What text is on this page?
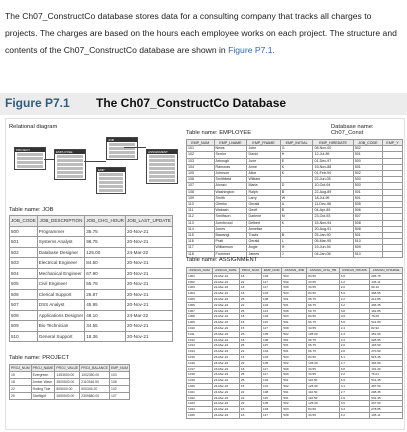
The Ch07_ConstructCo database stores data for a consulting company that tracks all charges to projects. The charges are based on the hours each employee works on each project. The structure and contents of the Ch07_ConstructCo database are shown in Figure P7.1.
Figure P7.1 The Ch07_ConstructCo Database
Relational diagram	Database name: Ch07_Const
PROJECT	EMPLOYEE
JOB
ASSIGNMENT
EMP
Table name: JOB
JOB_CODE	JOB_DESCRIPTION	JOB_CHG_HOUR	JOB_LAST_UPDATE
500	Programmer	35.75	20-Nov-21
501	Systems Analyst	96.75	20-Nov-21
502	Database Designer	125.00	24-Mar-22
503	Electrical Engineer	84.50	20-Nov-21
504	Mechanical Engineer	67.90	20-Nov-21
505	Civil Engineer	55.78	20-Nov-21
506	Clerical Support	26.87	20-Nov-21
507	DSS Analyst	45.95	20-Nov-21
508	Applications Designer	48.10	24-Mar-22
509	Bio Technician	34.55	20-Nov-21
510	General Support	18.36	20-Nov-21
Table name: PROJECT
PROJ_NUM	PROJ_NAME	PROJ_VALUE	PROJ_BALANCE	EMP_NUM
15	Evergreen	1453500.00	1002350.00	103
18	Amber Wave	3500500.00	2110346.50	108
22	Rolling Tide	805000.00	500345.20	102
25	Starflight	2650500.00	2309880.00	107
Table name: EMPLOYEE
EMP_NUM	EMP_LNAME	EMP_FNAME	EMP_INITIAL	EMP_HIREDATE	JOB_CODE	EMP_Y
101	News	John	G	08-Nov-00	502	
102	Senior	David	H	12-Jul-89	501	
103	Arbough	June	E	01-Dec-97	500	
104	Ramoras	Anne	K	15-Nov-88	501	
105	Johnson	Alice	K	01-Feb-94	502	
106	Smithfield	William		22-Jun-05	500	
107	Alonzo	Maria	D	10-Oct-94	500	
108	Washington	Ralph	B	22-Aug-89	501	
109	Smith	Larry	W	18-Jul-99	501	
110	Olenko	Gerald	A	11-Dec-96	505	
111	Wabash	Geoff	B	04-Apr-89	506	
112	Smithson	Darlene	M	23-Oct-93	507	
113	Joenbrood	Delbert	K	15-Nov-94	508	
114	Jones	Annelise		20-Aug-91	508	
115	Bawangi	Travis	B	25-Jan-90	501	
116	Pratt	Gerald	L	05-Mar-95	510	
117	Williamson	Angie	H	19-Jun-94	509	
118	Frommer	James	J	04-Jan-06	510	
Table name: ASSIGNMENT
ASSIGN_NUM	ASSIGN_DATE	PROJ_NUM	EMP_NUM	ASSIGN_JOB	ASSIGN_CHG_HR	ASSIGN_HOURS	ASSIGN_CHARGE
1001	22-Mar-22	18	103	503	84.50	3.5	295.75
1002	22-Mar-22	22	117	509	34.55	4.2	145.11
1003	22-Mar-22	18	117	509	34.55	2.0	69.10
1004	22-Mar-22	18	103	503	84.50	5.9	498.55
1005	22-Mar-22	25	108	501	96.75	2.2	212.85
1006	22-Mar-22	22	104	501	96.75	4.2	406.35
1007	22-Mar-22	25	113	508	50.75	3.8	192.85
1008	22-Mar-22	18	103	503	84.50	0.9	76.05
1009	23-Mar-22	15	115	501	96.75	5.6	541.80
1010	23-Mar-22	15	117	509	34.55	2.4	82.92
1011	23-Mar-22	25	105	502	105.00	4.3	451.50
1012	23-Mar-22	18	108	501	96.75	3.4	328.95
1013	23-Mar-22	25	115	501	96.75	2.0	193.50
1014	23-Mar-22	22	104	501	96.75	2.8	270.90
1015	23-Mar-22	15	103	503	84.50	6.1	515.45
1016	23-Mar-22	22	105	502	105.00	4.7	493.50
1017	23-Mar-22	18	117	509	34.55	3.8	131.29
1018	23-Mar-22	25	117	509	34.55	2.2	76.01
1019	24-Mar-22	25	104	501	110.50	4.9	541.45
1020	24-Mar-22	15	101	502	125.00	3.1	387.50
1021	24-Mar-22	22	108	501	110.50	2.7	298.35
1022	24-Mar-22	22	115	501	110.50	4.9	541.45
1023	24-Mar-22	22	105	502	125.00	3.5	437.50
1024	24-Mar-22	15	103	503	84.50	3.3	278.85
1025	24-Mar-22	18	117	509	34.55	4.2	145.11
